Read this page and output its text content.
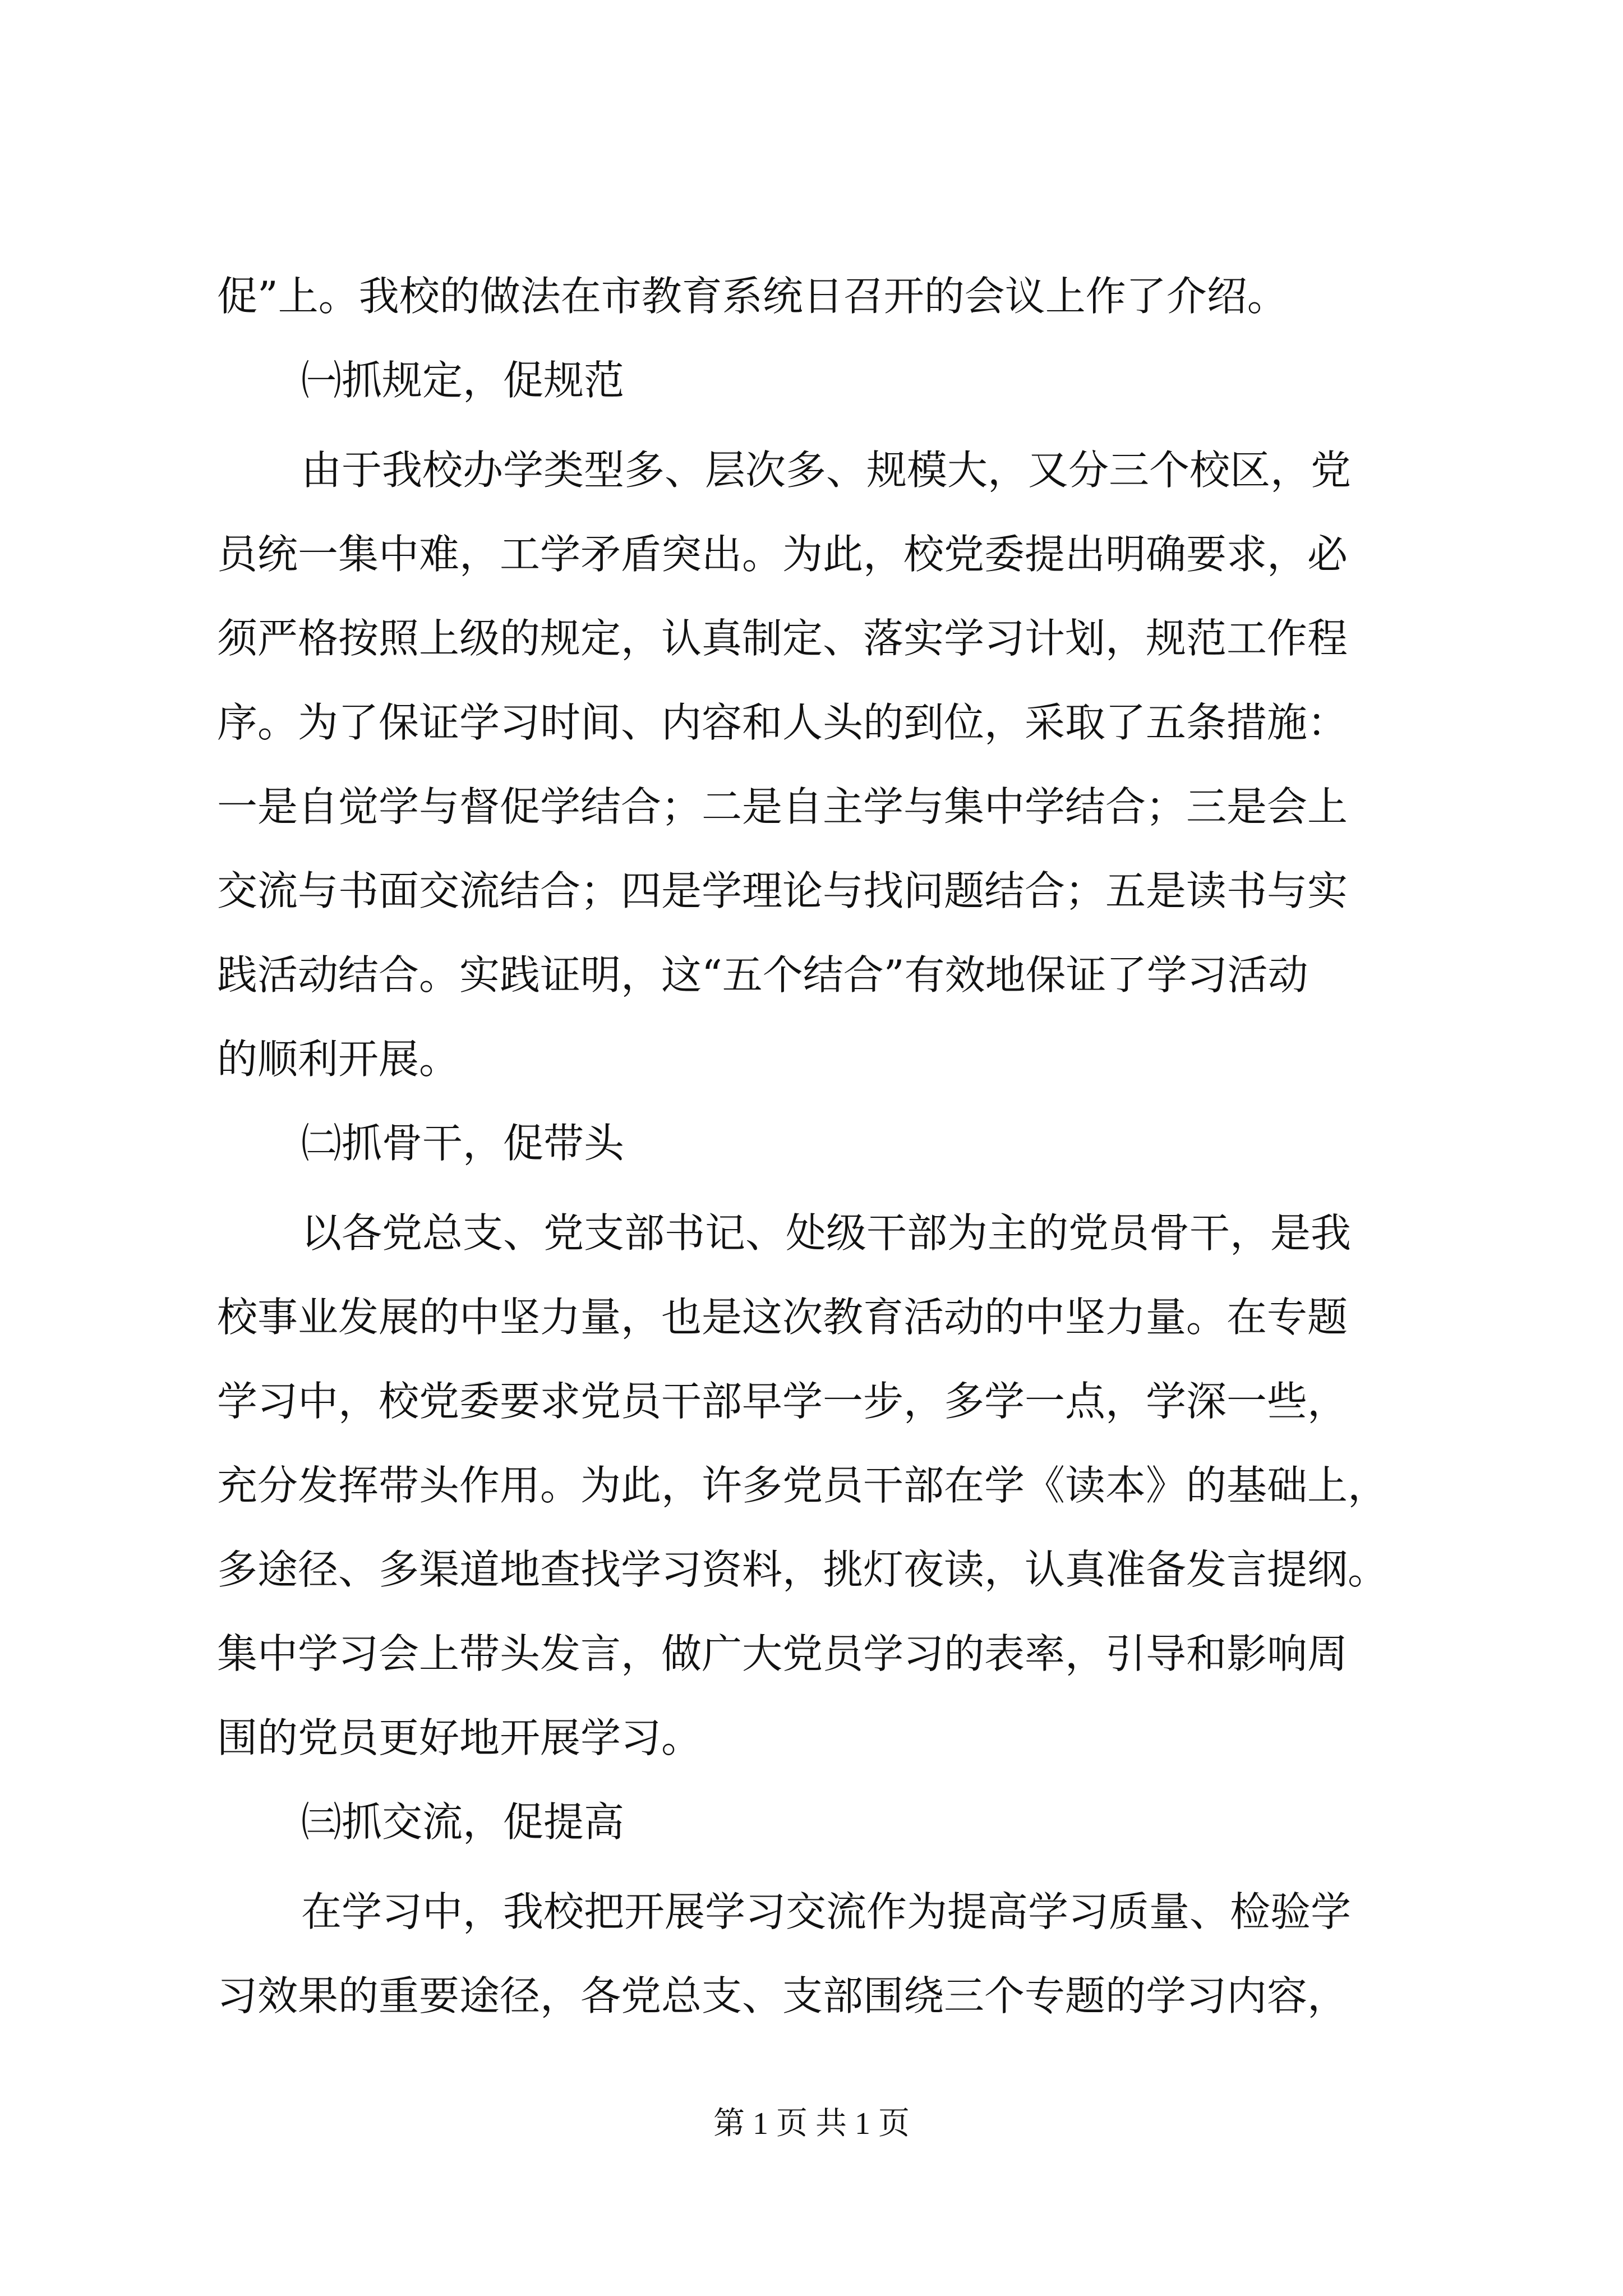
促”上。我校的做法在市教育系统日召开的会议上作了介绍。

㈠抓规定，促规范

由于我校办学类型多、层次多、规模大，又分三个校区，党

员统一集中难，工学矛盾突出。为此，校党委提出明确要求，必

须严格按照上级的规定，认真制定、落实学习计划，规范工作程

序。为了保证学习时间、内容和人头的到位，采取了五条措施：

一是自觉学与督促学结合；二是自主学与集中学结合；三是会上

交流与书面交流结合；四是学理论与找问题结合；五是读书与实

践活动结合。实践证明，这“五个结合”有效地保证了学习活动

的顺利开展。

㈡抓骨干，促带头

以各党总支、党支部书记、处级干部为主的党员骨干，是我

校事业发展的中坚力量，也是这次教育活动的中坚力量。在专题

学习中，校党委要求党员干部早学一步，多学一点，学深一些，

充分发挥带头作用。为此，许多党员干部在学《读本》的基础上，

多途径、多渠道地查找学习资料，挑灯夜读，认真准备发言提纲。

集中学习会上带头发言，做广大党员学习的表率，引导和影响周

围的党员更好地开展学习。

㈢抓交流，促提高

在学习中，我校把开展学习交流作为提高学习质量、检验学

习效果的重要途径，各党总支、支部围绕三个专题的学习内容，

第 1 页 共 1 页
